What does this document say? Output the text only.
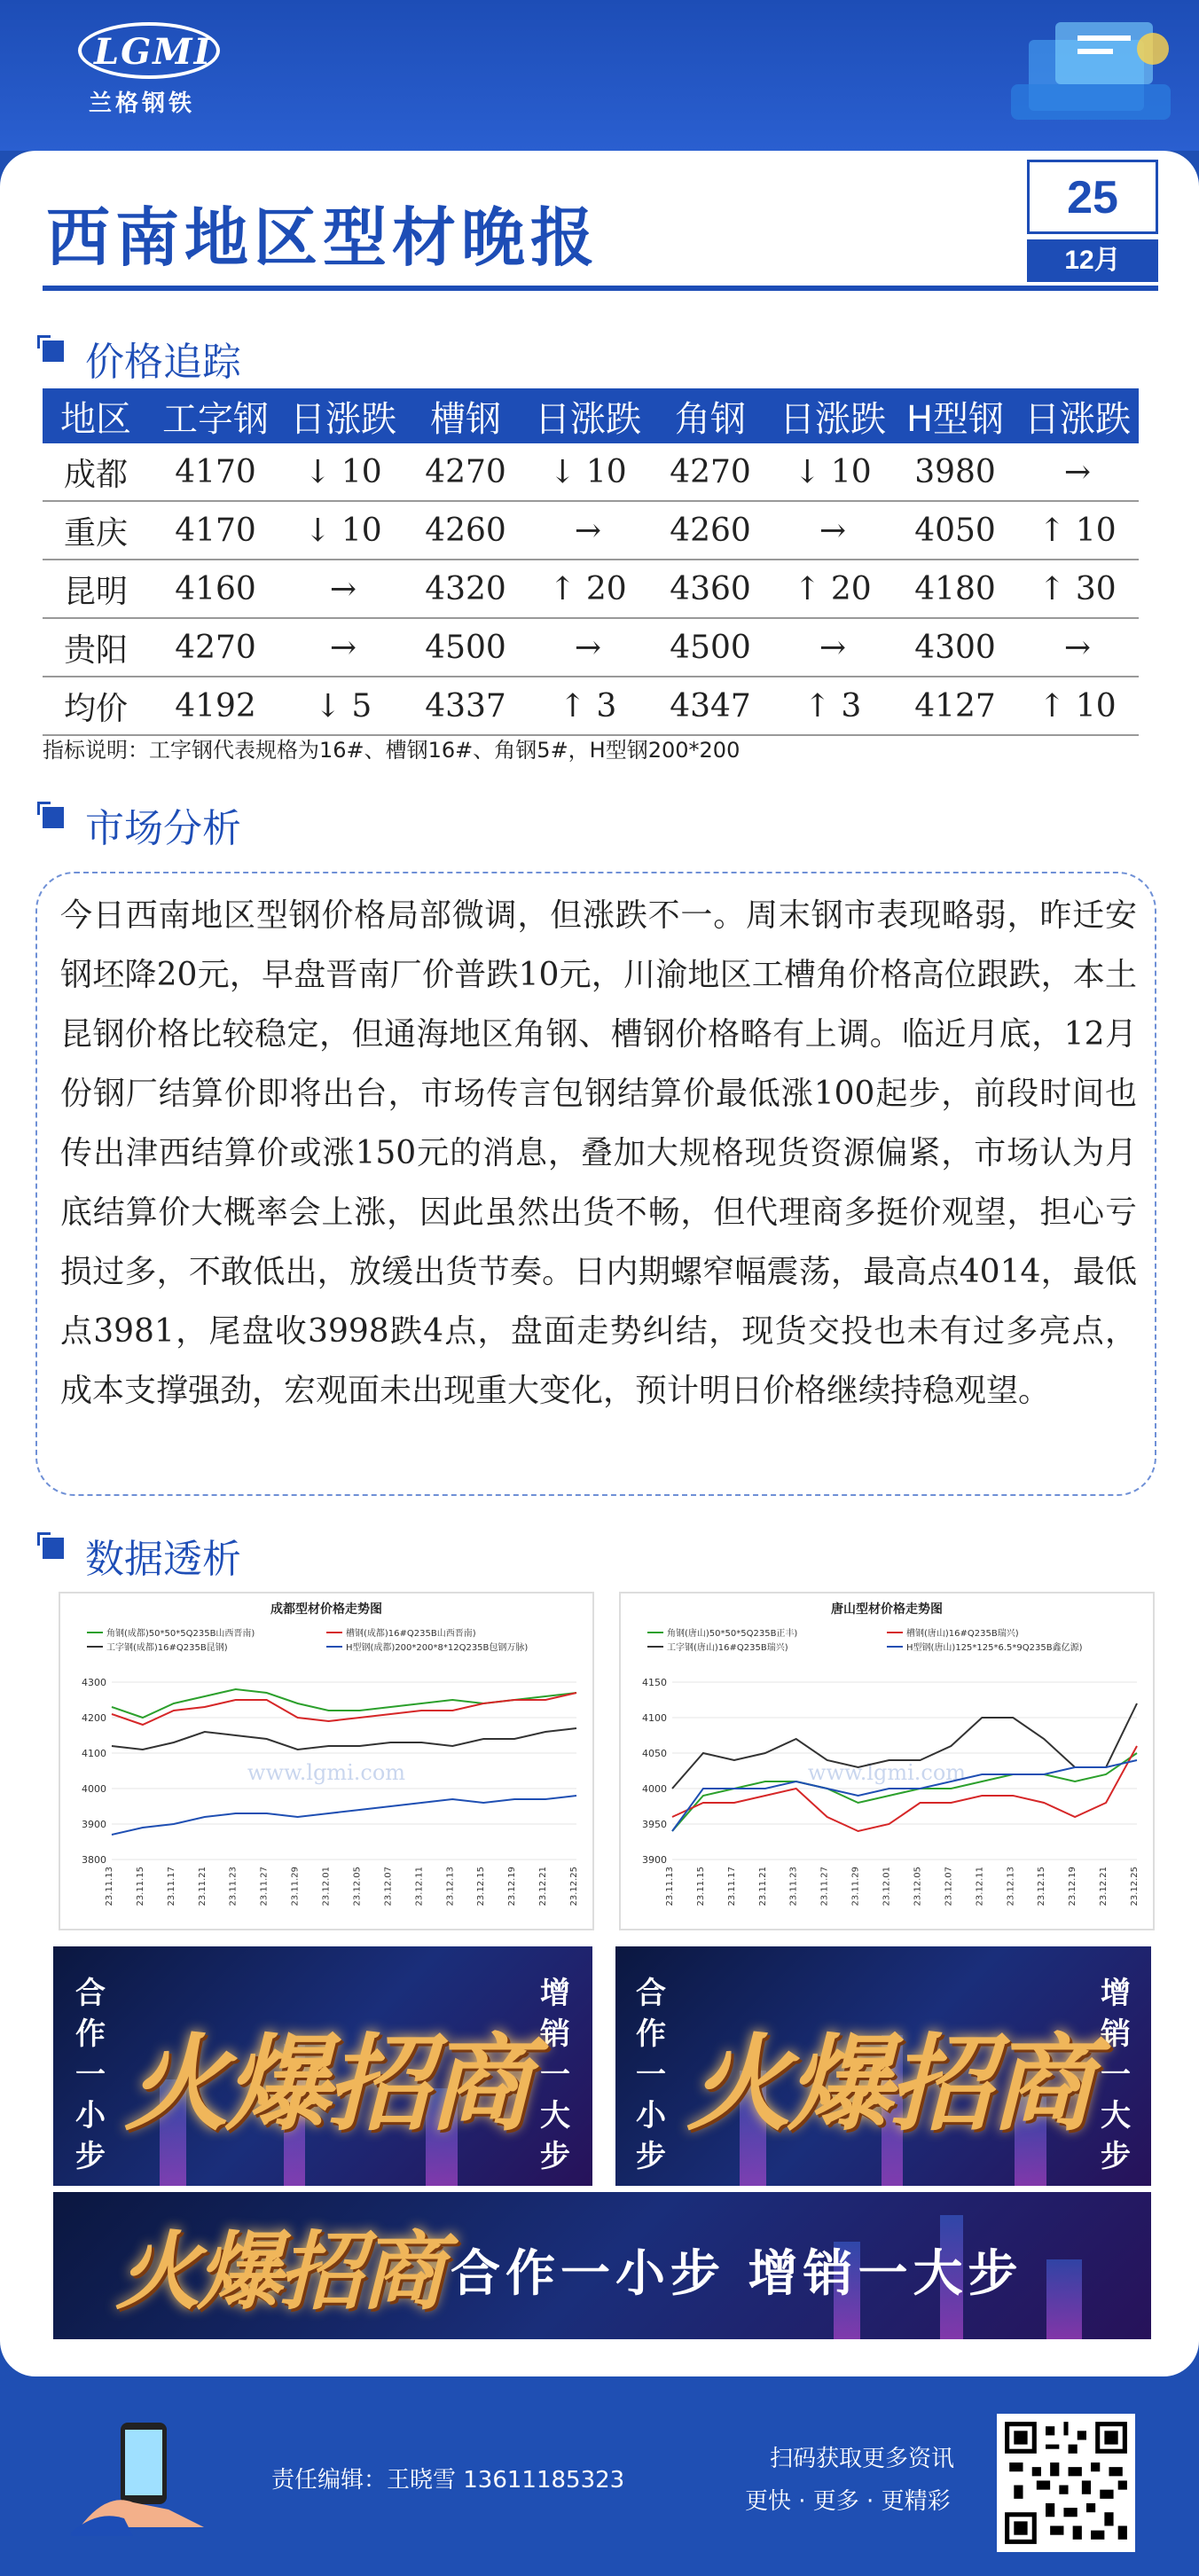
LGMI
兰格钢铁
西南地区型材晚报
25
12月
价格追踪
地区	工字钢	日涨跌	槽钢	日涨跌	角钢	日涨跌	H型钢	日涨跌
成都	4170	↓ 10	4270	↓ 10	4270	↓ 10	3980	→
重庆	4170	↓ 10	4260	→	4260	→	4050	↑ 10
昆明	4160	→	4320	↑ 20	4360	↑ 20	4180	↑ 30
贵阳	4270	→	4500	→	4500	→	4300	→
均价	4192	↓ 5	4337	↑ 3	4347	↑ 3	4127	↑ 10
指标说明：工字钢代表规格为16#、槽钢16#、角钢5#，H型钢200*200
市场分析
今日西南地区型钢价格局部微调，但涨跌不一。周末钢市表现略弱，昨迁安钢坯降20元，早盘晋南厂价普跌10元，川渝地区工槽角价格高位跟跌，本土昆钢价格比较稳定，但通海地区角钢、槽钢价格略有上调。临近月底，12月份钢厂结算价即将出台，市场传言包钢结算价最低涨100起步，前段时间也传出津西结算价或涨150元的消息，叠加大规格现货资源偏紧，市场认为月底结算价大概率会上涨，因此虽然出货不畅，但代理商多挺价观望，担心亏损过多，不敢低出，放缓出货节奏。日内期螺窄幅震荡，最高点4014，最低点3981，尾盘收3998跌4点，盘面走势纠结，现货交投也未有过多亮点，成本支撑强劲，宏观面未出现重大变化，预计明日价格继续持稳观望。
数据透析
成都型材价格走势图
角钢(成都)50*50*5Q235B山西晋南)	槽钢(成都)16#Q235B山西晋南)
工字钢(成都)16#Q235B昆钢)	H型钢(成都)200*200*8*12Q235B包钢万脉)
3800
3900
4000
4100
4200
4300
www.lgmi.com
23.11.13 23.11.15 23.11.17 23.11.21 23.11.23 23.11.27 23.11.29 23.12.01 23.12.05 23.12.07 23.12.11 23.12.13 23.12.15 23.12.19 23.12.21 23.12.25
唐山型材价格走势图
角钢(唐山)50*50*5Q235B正丰)	槽钢(唐山)16#Q235B瑞兴)
工字钢(唐山)16#Q235B瑞兴)	H型钢(唐山)125*125*6.5*9Q235B鑫亿源)
3900
3950
4000
4050
4100
4150
www.lgmi.com
23.11.13 23.11.15 23.11.17 23.11.21 23.11.23 23.11.27 23.11.29 23.12.01 23.12.05 23.12.07 23.12.11 23.12.13 23.12.15 23.12.19 23.12.21 23.12.25
合作一小步
增销一大步
火爆招商
合作一小步
增销一大步
火爆招商
火爆招商 合作一小步 增销一大步
责任编辑：王晓雪 13611185323
扫码获取更多资讯
更快 · 更多 · 更精彩
